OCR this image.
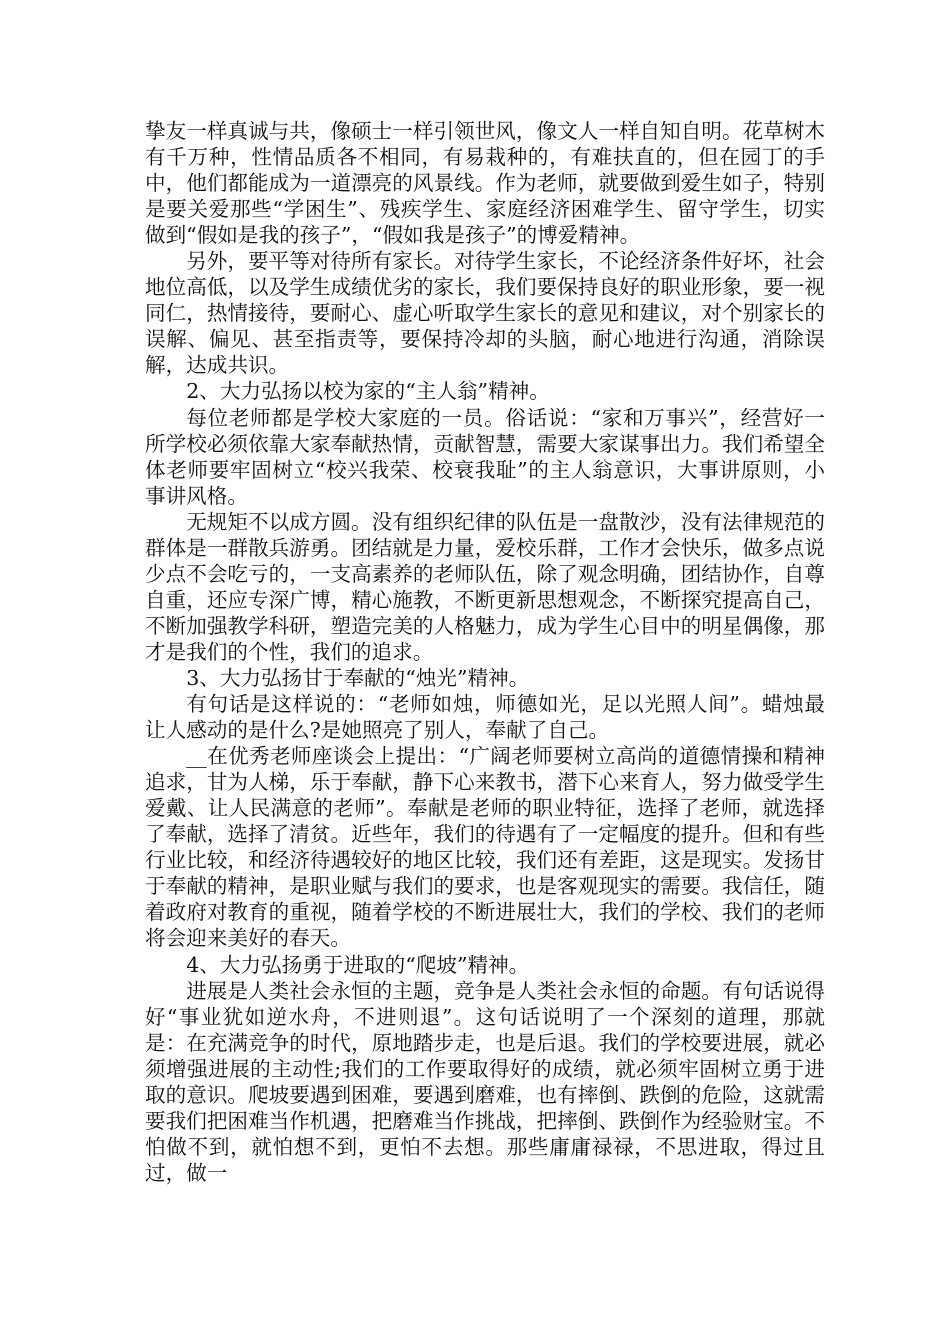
挚友一样真诚与共，像硕士一样引领世风，像文人一样自知自明。花草树木有千万种，性情品质各不相同，有易栽种的，有难扶直的，但在园丁的手中，他们都能成为一道漂亮的风景线。作为老师，就要做到爱生如子，特别是要关爱那些“学困生”、残疾学生、家庭经济困难学生、留守学生，切实做到“假如是我的孩子”，“假如我是孩子”的博爱精神。

另外，要平等对待所有家长。对待学生家长，不论经济条件好坏，社会地位高低，以及学生成绩优劣的家长，我们要保持良好的职业形象，要一视同仁，热情接待，要耐心、虚心听取学生家长的意见和建议，对个别家长的误解、偏见、甚至指责等，要保持冷却的头脑，耐心地进行沟通，消除误解，达成共识。

2、大力弘扬以校为家的“主人翁”精神。

每位老师都是学校大家庭的一员。俗话说：“家和万事兴”，经营好一所学校必须依靠大家奉献热情，贡献智慧，需要大家谋事出力。我们希望全体老师要牢固树立“校兴我荣、校衰我耻”的主人翁意识，大事讲原则，小事讲风格。

无规矩不以成方圆。没有组织纪律的队伍是一盘散沙，没有法律规范的群体是一群散兵游勇。团结就是力量，爱校乐群，工作才会快乐，做多点说少点不会吃亏的，一支高素养的老师队伍，除了观念明确，团结协作，自尊自重，还应专深广博，精心施教，不断更新思想观念，不断探究提高自己，不断加强教学科研，塑造完美的人格魅力，成为学生心目中的明星偶像，那才是我们的个性，我们的追求。

3、大力弘扬甘于奉献的“烛光”精神。

有句话是这样说的：“老师如烛，师德如光，足以光照人间”。蜡烛最让人感动的是什么?是她照亮了别人，奉献了自己。

__在优秀老师座谈会上提出：“广阔老师要树立高尚的道德情操和精神追求，甘为人梯，乐于奉献，静下心来教书，潜下心来育人，努力做受学生爱戴、让人民满意的老师”。奉献是老师的职业特征，选择了老师，就选择了奉献，选择了清贫。近些年，我们的待遇有了一定幅度的提升。但和有些行业比较，和经济待遇较好的地区比较，我们还有差距，这是现实。发扬甘于奉献的精神，是职业赋与我们的要求，也是客观现实的需要。我信任，随着政府对教育的重视，随着学校的不断进展壮大，我们的学校、我们的老师将会迎来美好的春天。

4、大力弘扬勇于进取的“爬坡”精神。

进展是人类社会永恒的主题，竞争是人类社会永恒的命题。有句话说得好“事业犹如逆水舟，不进则退”。这句话说明了一个深刻的道理，那就是：在充满竞争的时代，原地踏步走，也是后退。我们的学校要进展，就必须增强进展的主动性;我们的工作要取得好的成绩，就必须牢固树立勇于进取的意识。爬坡要遇到困难，要遇到磨难，也有摔倒、跌倒的危险，这就需要我们把困难当作机遇，把磨难当作挑战，把摔倒、跌倒作为经验财宝。不怕做不到，就怕想不到，更怕不去想。那些庸庸禄禄，不思进取，得过且过，做一
